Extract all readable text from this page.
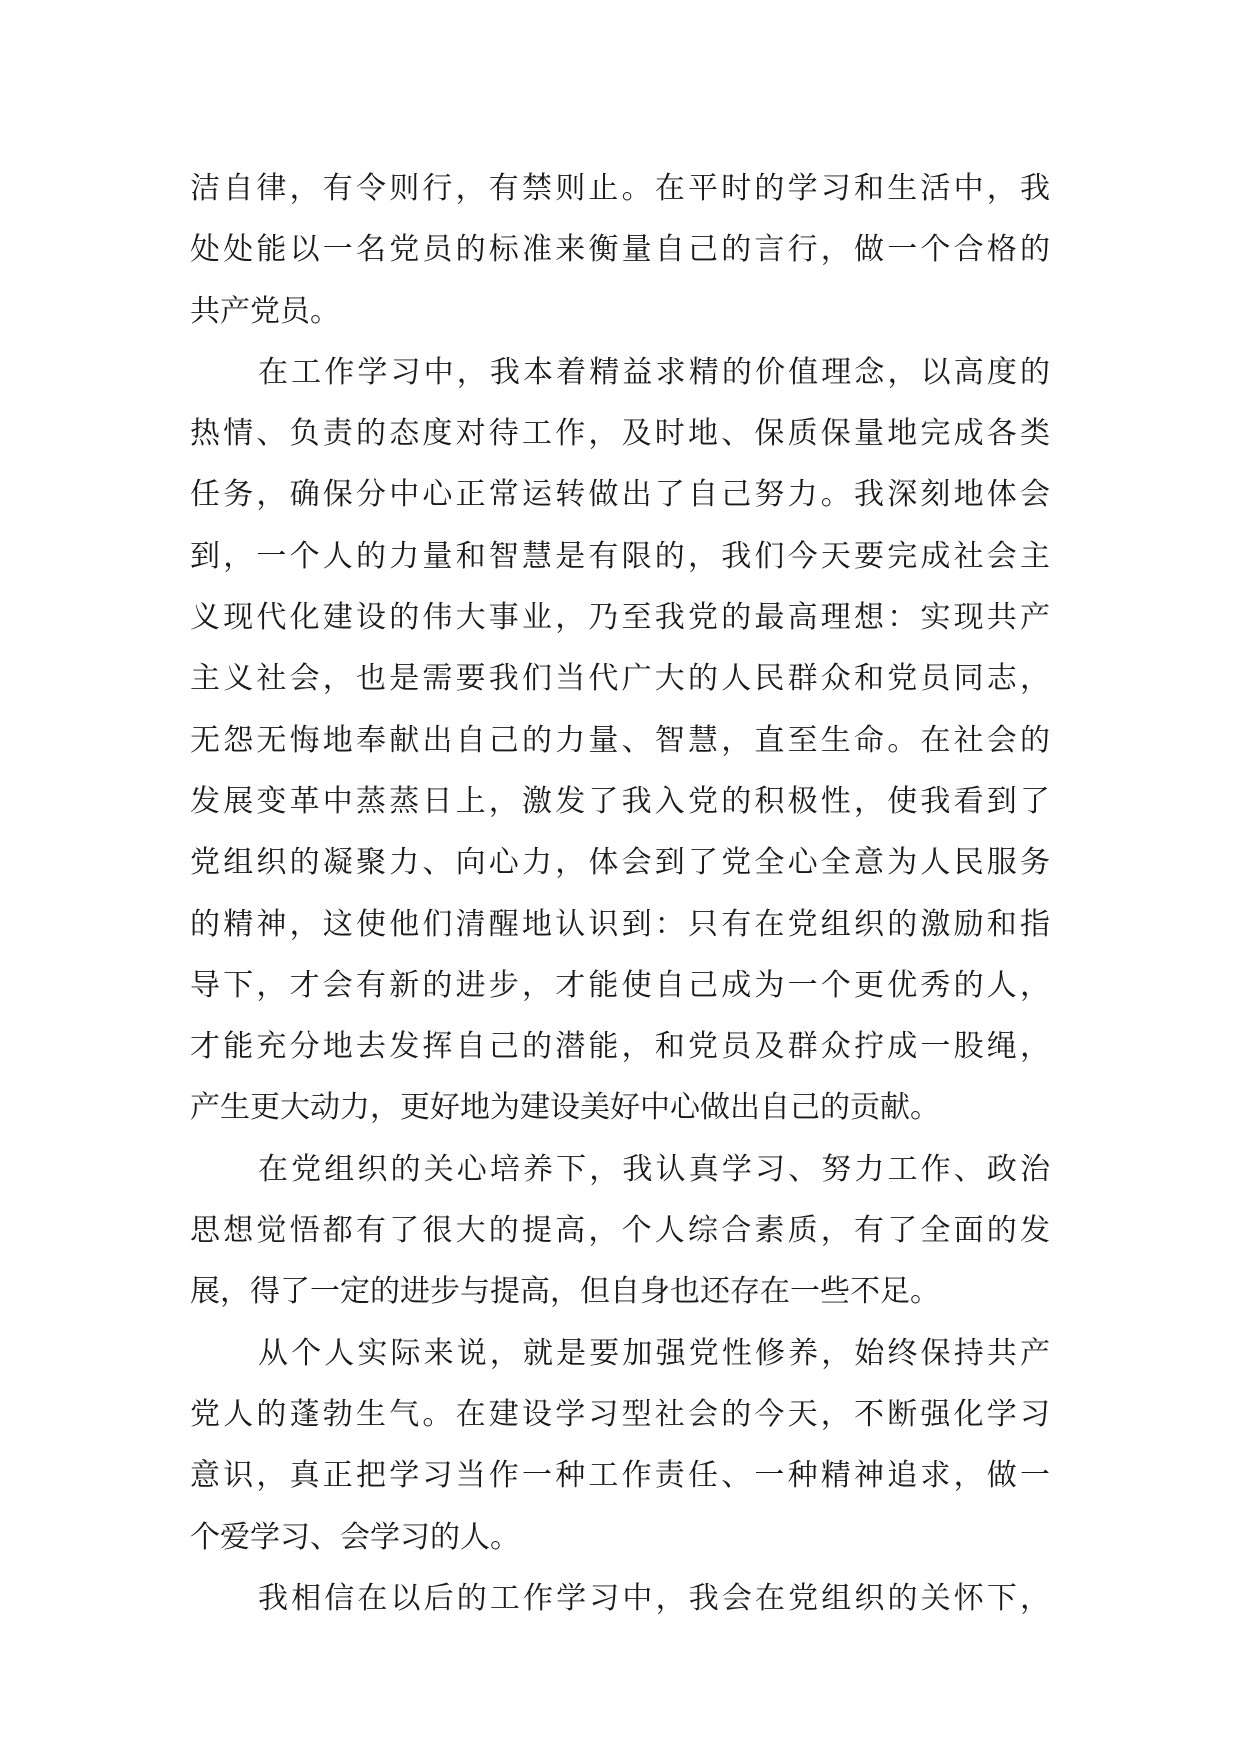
洁自律，有令则行，有禁则止。在平时的学习和生活中，我
处处能以一名党员的标准来衡量自己的言行，做一个合格的
共产党员。
在工作学习中，我本着精益求精的价值理念，以高度的
热情、负责的态度对待工作，及时地、保质保量地完成各类
任务，确保分中心正常运转做出了自己努力。我深刻地体会
到，一个人的力量和智慧是有限的，我们今天要完成社会主
义现代化建设的伟大事业，乃至我党的最高理想：实现共产
主义社会，也是需要我们当代广大的人民群众和党员同志，
无怨无悔地奉献出自己的力量、智慧，直至生命。在社会的
发展变革中蒸蒸日上，激发了我入党的积极性，使我看到了
党组织的凝聚力、向心力，体会到了党全心全意为人民服务
的精神，这使他们清醒地认识到：只有在党组织的激励和指
导下，才会有新的进步，才能使自己成为一个更优秀的人，
才能充分地去发挥自己的潜能，和党员及群众拧成一股绳，
产生更大动力，更好地为建设美好中心做出自己的贡献。
在党组织的关心培养下，我认真学习、努力工作、政治
思想觉悟都有了很大的提高，个人综合素质，有了全面的发
展，得了一定的进步与提高，但自身也还存在一些不足。
从个人实际来说，就是要加强党性修养，始终保持共产
党人的蓬勃生气。在建设学习型社会的今天，不断强化学习
意识，真正把学习当作一种工作责任、一种精神追求，做一
个爱学习、会学习的人。
我相信在以后的工作学习中，我会在党组织的关怀下，
